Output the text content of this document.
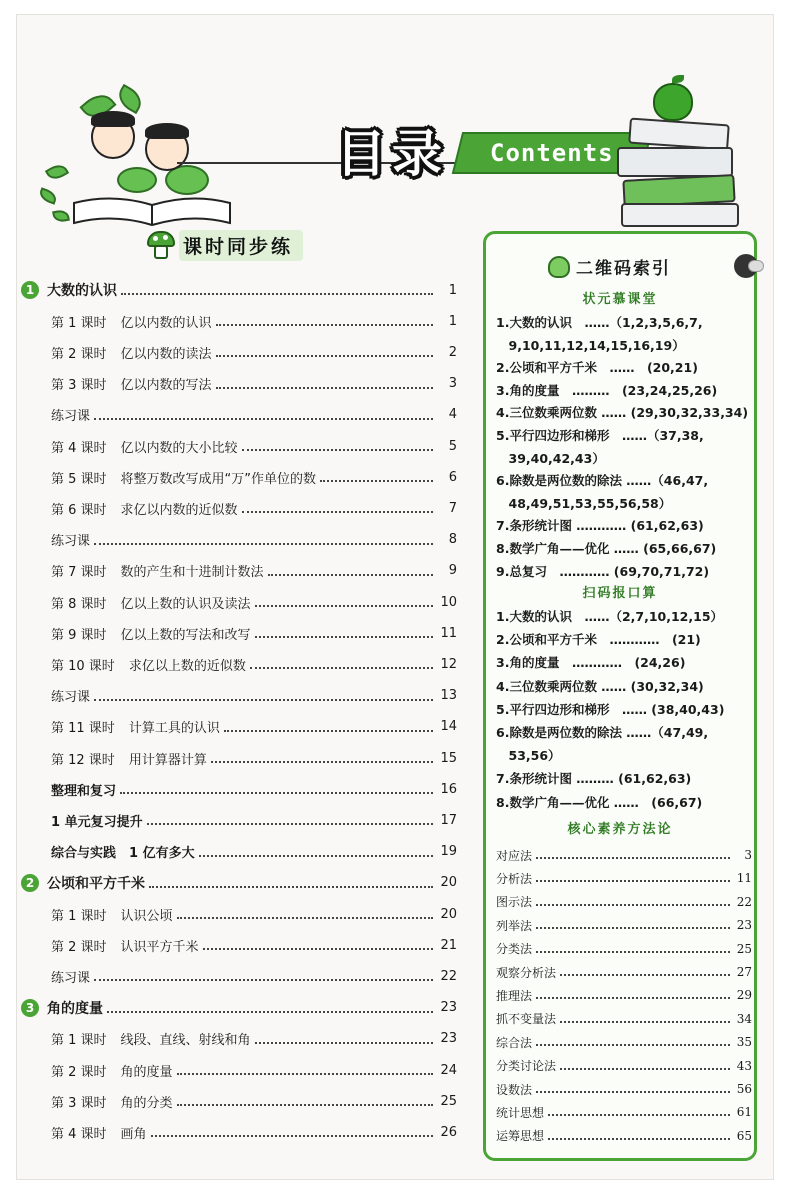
目录 Contents
课时同步练
1 大数的认识	1
第 1 课时 亿以内数的认识	1
第 2 课时 亿以内数的读法	2
第 3 课时 亿以内数的写法	3
练习课	4
第 4 课时 亿以内数的大小比较	5
第 5 课时 将整万数改写成用“万”作单位的数	6
第 6 课时 求亿以内数的近似数	7
练习课	8
第 7 课时 数的产生和十进制计数法	9
第 8 课时 亿以上数的认识及读法	10
第 9 课时 亿以上数的写法和改写	11
第 10 课时 求亿以上数的近似数	12
练习课	13
第 11 课时 计算工具的认识	14
第 12 课时 用计算器计算	15
整理和复习	16
1 单元复习提升	17
综合与实践　1 亿有多大	19
2 公顷和平方千米	20
第 1 课时 认识公顷	20
第 2 课时 认识平方千米	21
练习课	22
3 角的度量	23
第 1 课时 线段、直线、射线和角	23
第 2 课时 角的度量	24
第 3 课时 角的分类	25
第 4 课时 画角	26
二维码索引
状元慕课堂
1.大数的认识　……（1,2,3,5,6,7,
　9,10,11,12,14,15,16,19）
2.公顷和平方千米　……　(20,21)
3.角的度量　………　(23,24,25,26)
4.三位数乘两位数 …… (29,30,32,33,34)
5.平行四边形和梯形　……（37,38,
　39,40,42,43）
6.除数是两位数的除法 ……（46,47,
　48,49,51,53,55,56,58）
7.条形统计图 ………… (61,62,63)
8.数学广角——优化 …… (65,66,67)
9.总复习　………… (69,70,71,72)
扫码报口算
1.大数的认识　……（2,7,10,12,15）
2.公顷和平方千米　…………　(21)
3.角的度量　…………　(24,26)
4.三位数乘两位数 …… (30,32,34)
5.平行四边形和梯形　…… (38,40,43)
6.除数是两位数的除法 ……（47,49,
　53,56）
7.条形统计图 ……… (61,62,63)
8.数学广角——优化 ……　(66,67)
核心素养方法论
对应法	3
分析法	11
图示法	22
列举法	23
分类法	25
观察分析法	27
推理法	29
抓不变量法	34
综合法	35
分类讨论法	43
设数法	56
统计思想	61
运筹思想	65
